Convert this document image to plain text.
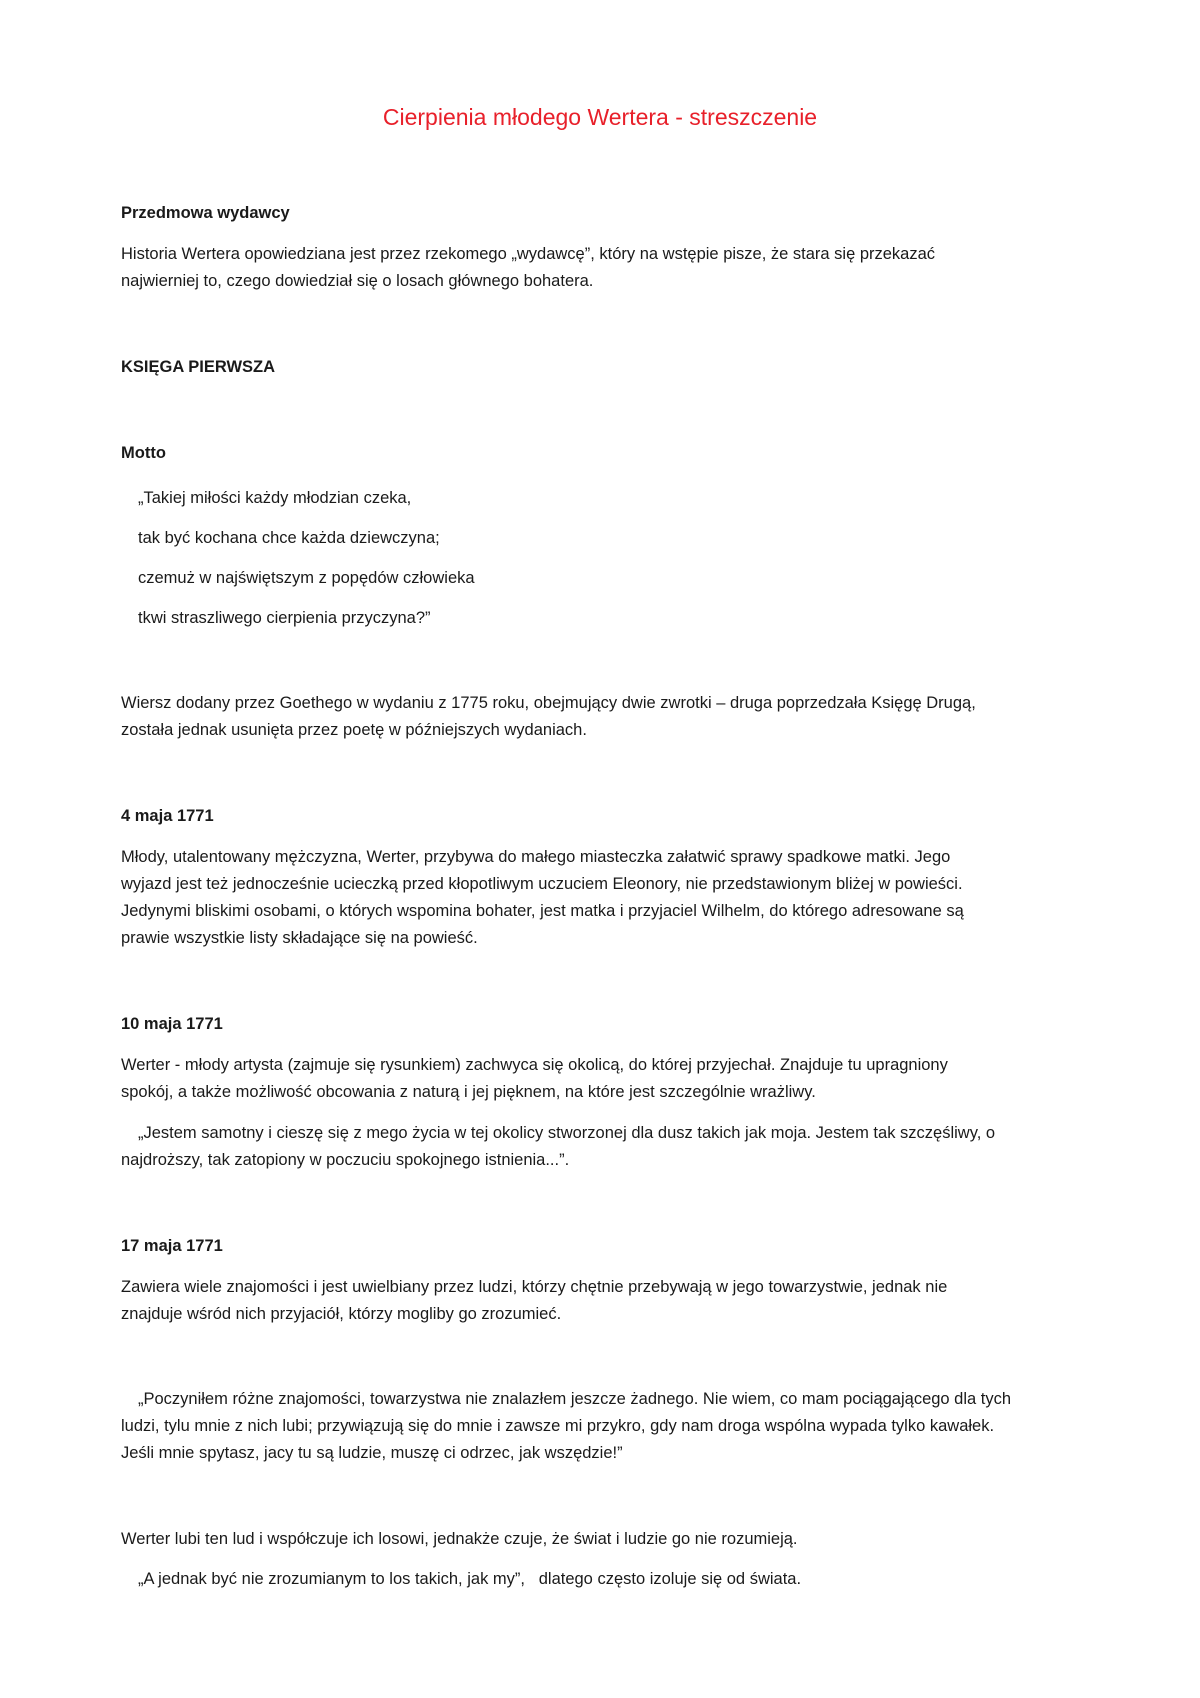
Cierpienia młodego Wertera - streszczenie
Przedmowa wydawcy
Historia Wertera opowiedziana jest przez rzekomego „wydawcę”, który na wstępie pisze, że stara się przekazać
najwierniej to, czego dowiedział się o losach głównego bohatera.
KSIĘGA PIERWSZA
Motto
„Takiej miłości każdy młodzian czeka,
tak być kochana chce każda dziewczyna;
czemuż w najświętszym z popędów człowieka
tkwi straszliwego cierpienia przyczyna?”
Wiersz dodany przez Goethego w wydaniu z 1775 roku, obejmujący dwie zwrotki – druga poprzedzała Księgę Drugą,
została jednak usunięta przez poetę w późniejszych wydaniach.
4 maja 1771
Młody, utalentowany mężczyzna, Werter, przybywa do małego miasteczka załatwić sprawy spadkowe matki. Jego
wyjazd jest też jednocześnie ucieczką przed kłopotliwym uczuciem Eleonory, nie przedstawionym bliżej w powieści.
Jedynymi bliskimi osobami, o których wspomina bohater, jest matka i przyjaciel Wilhelm, do którego adresowane są
prawie wszystkie listy składające się na powieść.
10 maja 1771
Werter - młody artysta (zajmuje się rysunkiem) zachwyca się okolicą, do której przyjechał. Znajduje tu upragniony
spokój, a także możliwość obcowania z naturą i jej pięknem, na które jest szczególnie wrażliwy.
„Jestem samotny i cieszę się z mego życia w tej okolicy stworzonej dla dusz takich jak moja. Jestem tak szczęśliwy, o
najdroższy, tak zatopiony w poczuciu spokojnego istnienia...”.
17 maja 1771
Zawiera wiele znajomości i jest uwielbiany przez ludzi, którzy chętnie przebywają w jego towarzystwie, jednak nie
znajduje wśród nich przyjaciół, którzy mogliby go zrozumieć.
„Poczyniłem różne znajomości, towarzystwa nie znalazłem jeszcze żadnego. Nie wiem, co mam pociągającego dla tych
ludzi, tylu mnie z nich lubi; przywiązują się do mnie i zawsze mi przykro, gdy nam droga wspólna wypada tylko kawałek.
Jeśli mnie spytasz, jacy tu są ludzie, muszę ci odrzec, jak wszędzie!”
Werter lubi ten lud i współczuje ich losowi, jednakże czuje, że świat i ludzie go nie rozumieją.
„A jednak być nie zrozumianym to los takich, jak my”,   dlatego często izoluje się od świata.
